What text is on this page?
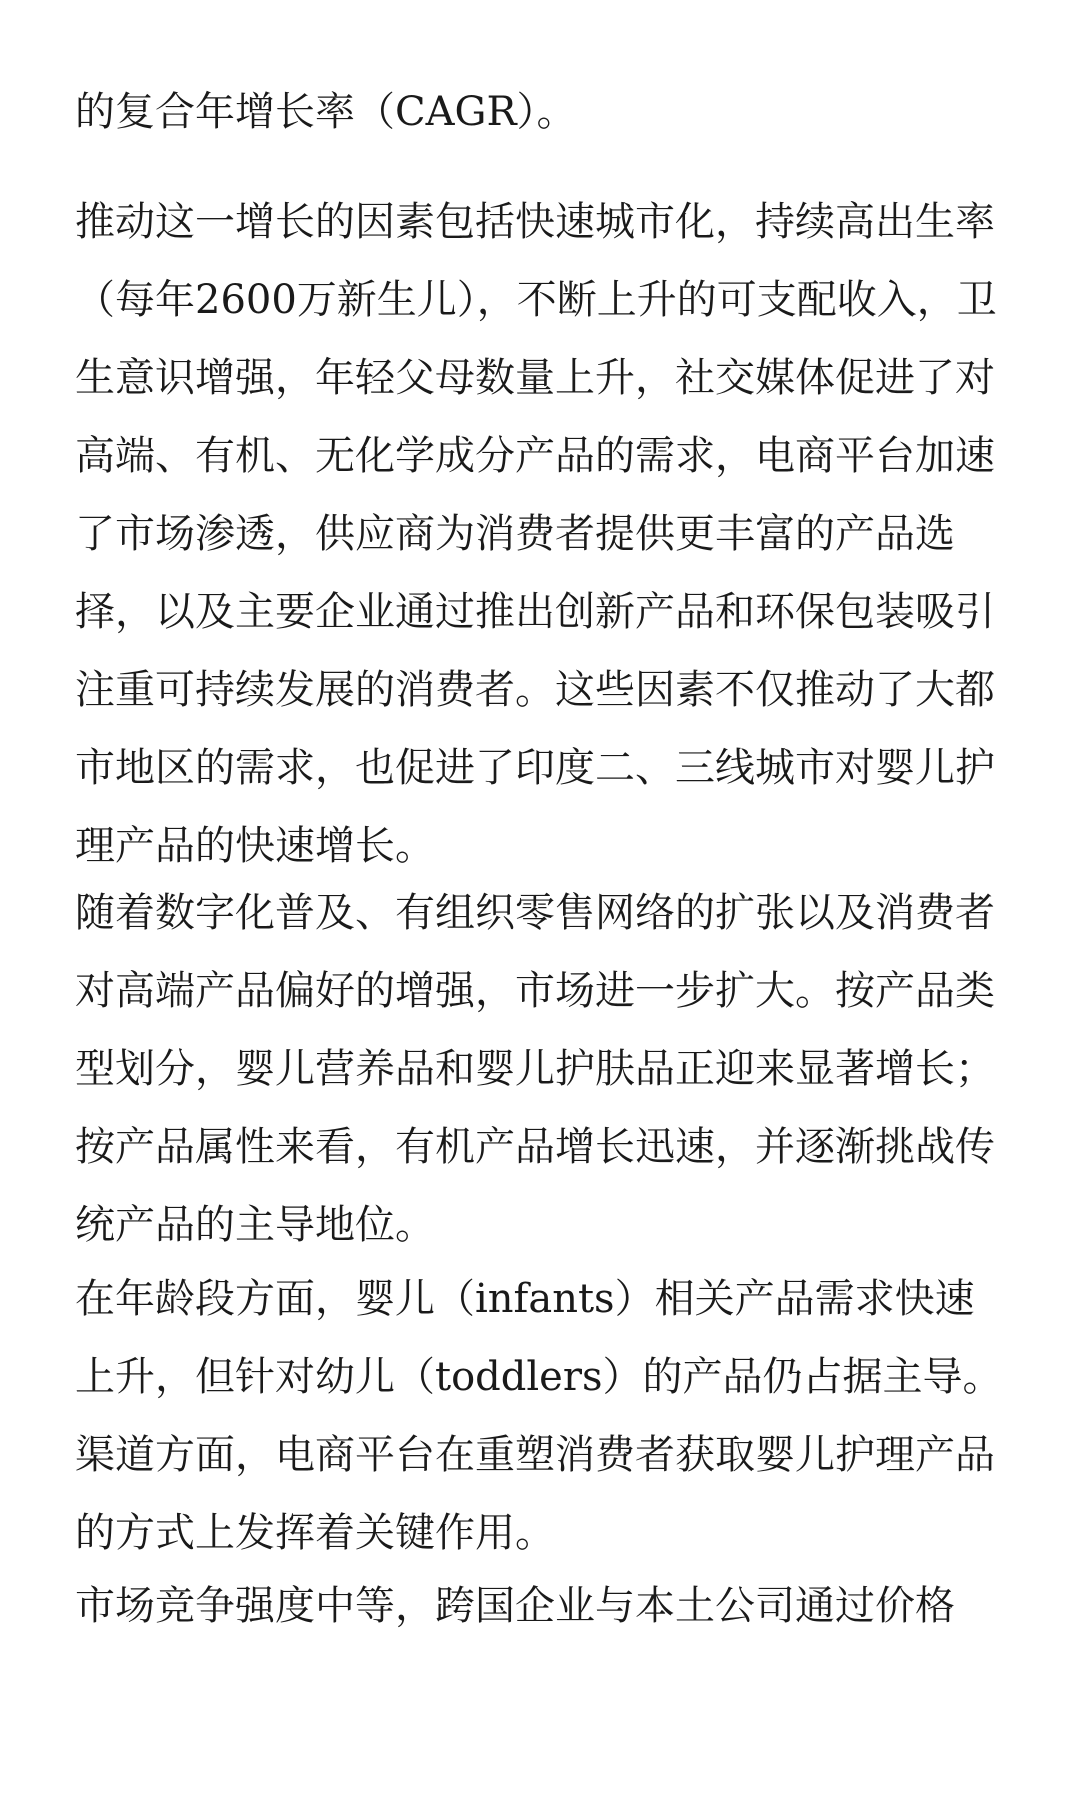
的复合年增长率（CAGR）。

推动这一增长的因素包括快速城市化，持续高出生率（每年2600万新生儿），不断上升的可支配收入，卫生意识增强，年轻父母数量上升，社交媒体促进了对高端、有机、无化学成分产品的需求，电商平台加速了市场渗透，供应商为消费者提供更丰富的产品选择，以及主要企业通过推出创新产品和环保包装吸引注重可持续发展的消费者。这些因素不仅推动了大都市地区的需求，也促进了印度二、三线城市对婴儿护理产品的快速增长。

随着数字化普及、有组织零售网络的扩张以及消费者对高端产品偏好的增强，市场进一步扩大。按产品类型划分，婴儿营养品和婴儿护肤品正迎来显著增长；按产品属性来看，有机产品增长迅速，并逐渐挑战传统产品的主导地位。

在年龄段方面，婴儿（infants）相关产品需求快速上升，但针对幼儿（toddlers）的产品仍占据主导。渠道方面，电商平台在重塑消费者获取婴儿护理产品的方式上发挥着关键作用。

市场竞争强度中等，跨国企业与本土公司通过价格
